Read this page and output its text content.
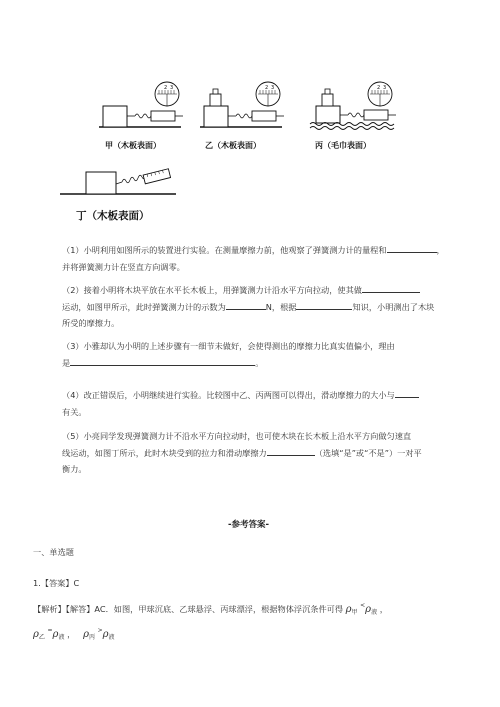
2 3
甲（木板表面）
2 3
乙（木板表面）
2 3
丙（毛巾表面）
丁（木板表面）

（1）小明利用如图所示的装置进行实验。在测量摩擦力前，他观察了弹簧测力计的量程和	，

并将弹簧测力计在竖直方向调零。

（2）接着小明将木块平放在水平长木板上，用弹簧测力计沿水平方向拉动，使其做

运动，如图甲所示，此时弹簧测力计的示数为	N，根据	知识，小明测出了木块

所受的摩擦力。

（3）小雅却认为小明的上述步骤有一细节未做好，会使得测出的摩擦力比真实值偏小，理由

是	。

（4）改正错误后，小明继续进行实验。比较图中乙、丙两图可以得出，滑动摩擦力的大小与

有关。

（5）小亮同学发现弹簧测力计不沿水平方向拉动时，也可使木块在长木板上沿水平方向做匀速直

线运动，如图丁所示，此时木块受到的拉力和滑动摩擦力	（选填“是”或“不是”）一对平

衡力。

-参考答案-
一、单选题
1.【答案】C
【解析】【解答】AC．如图，甲球沉底、乙球悬浮、丙球漂浮，根据物体浮沉条件可得 $\rho_甲$ $^<\rho_液$ ，
$\rho_乙$ $^=\rho_液$ ， $\rho_丙$ $^>\rho_液$
